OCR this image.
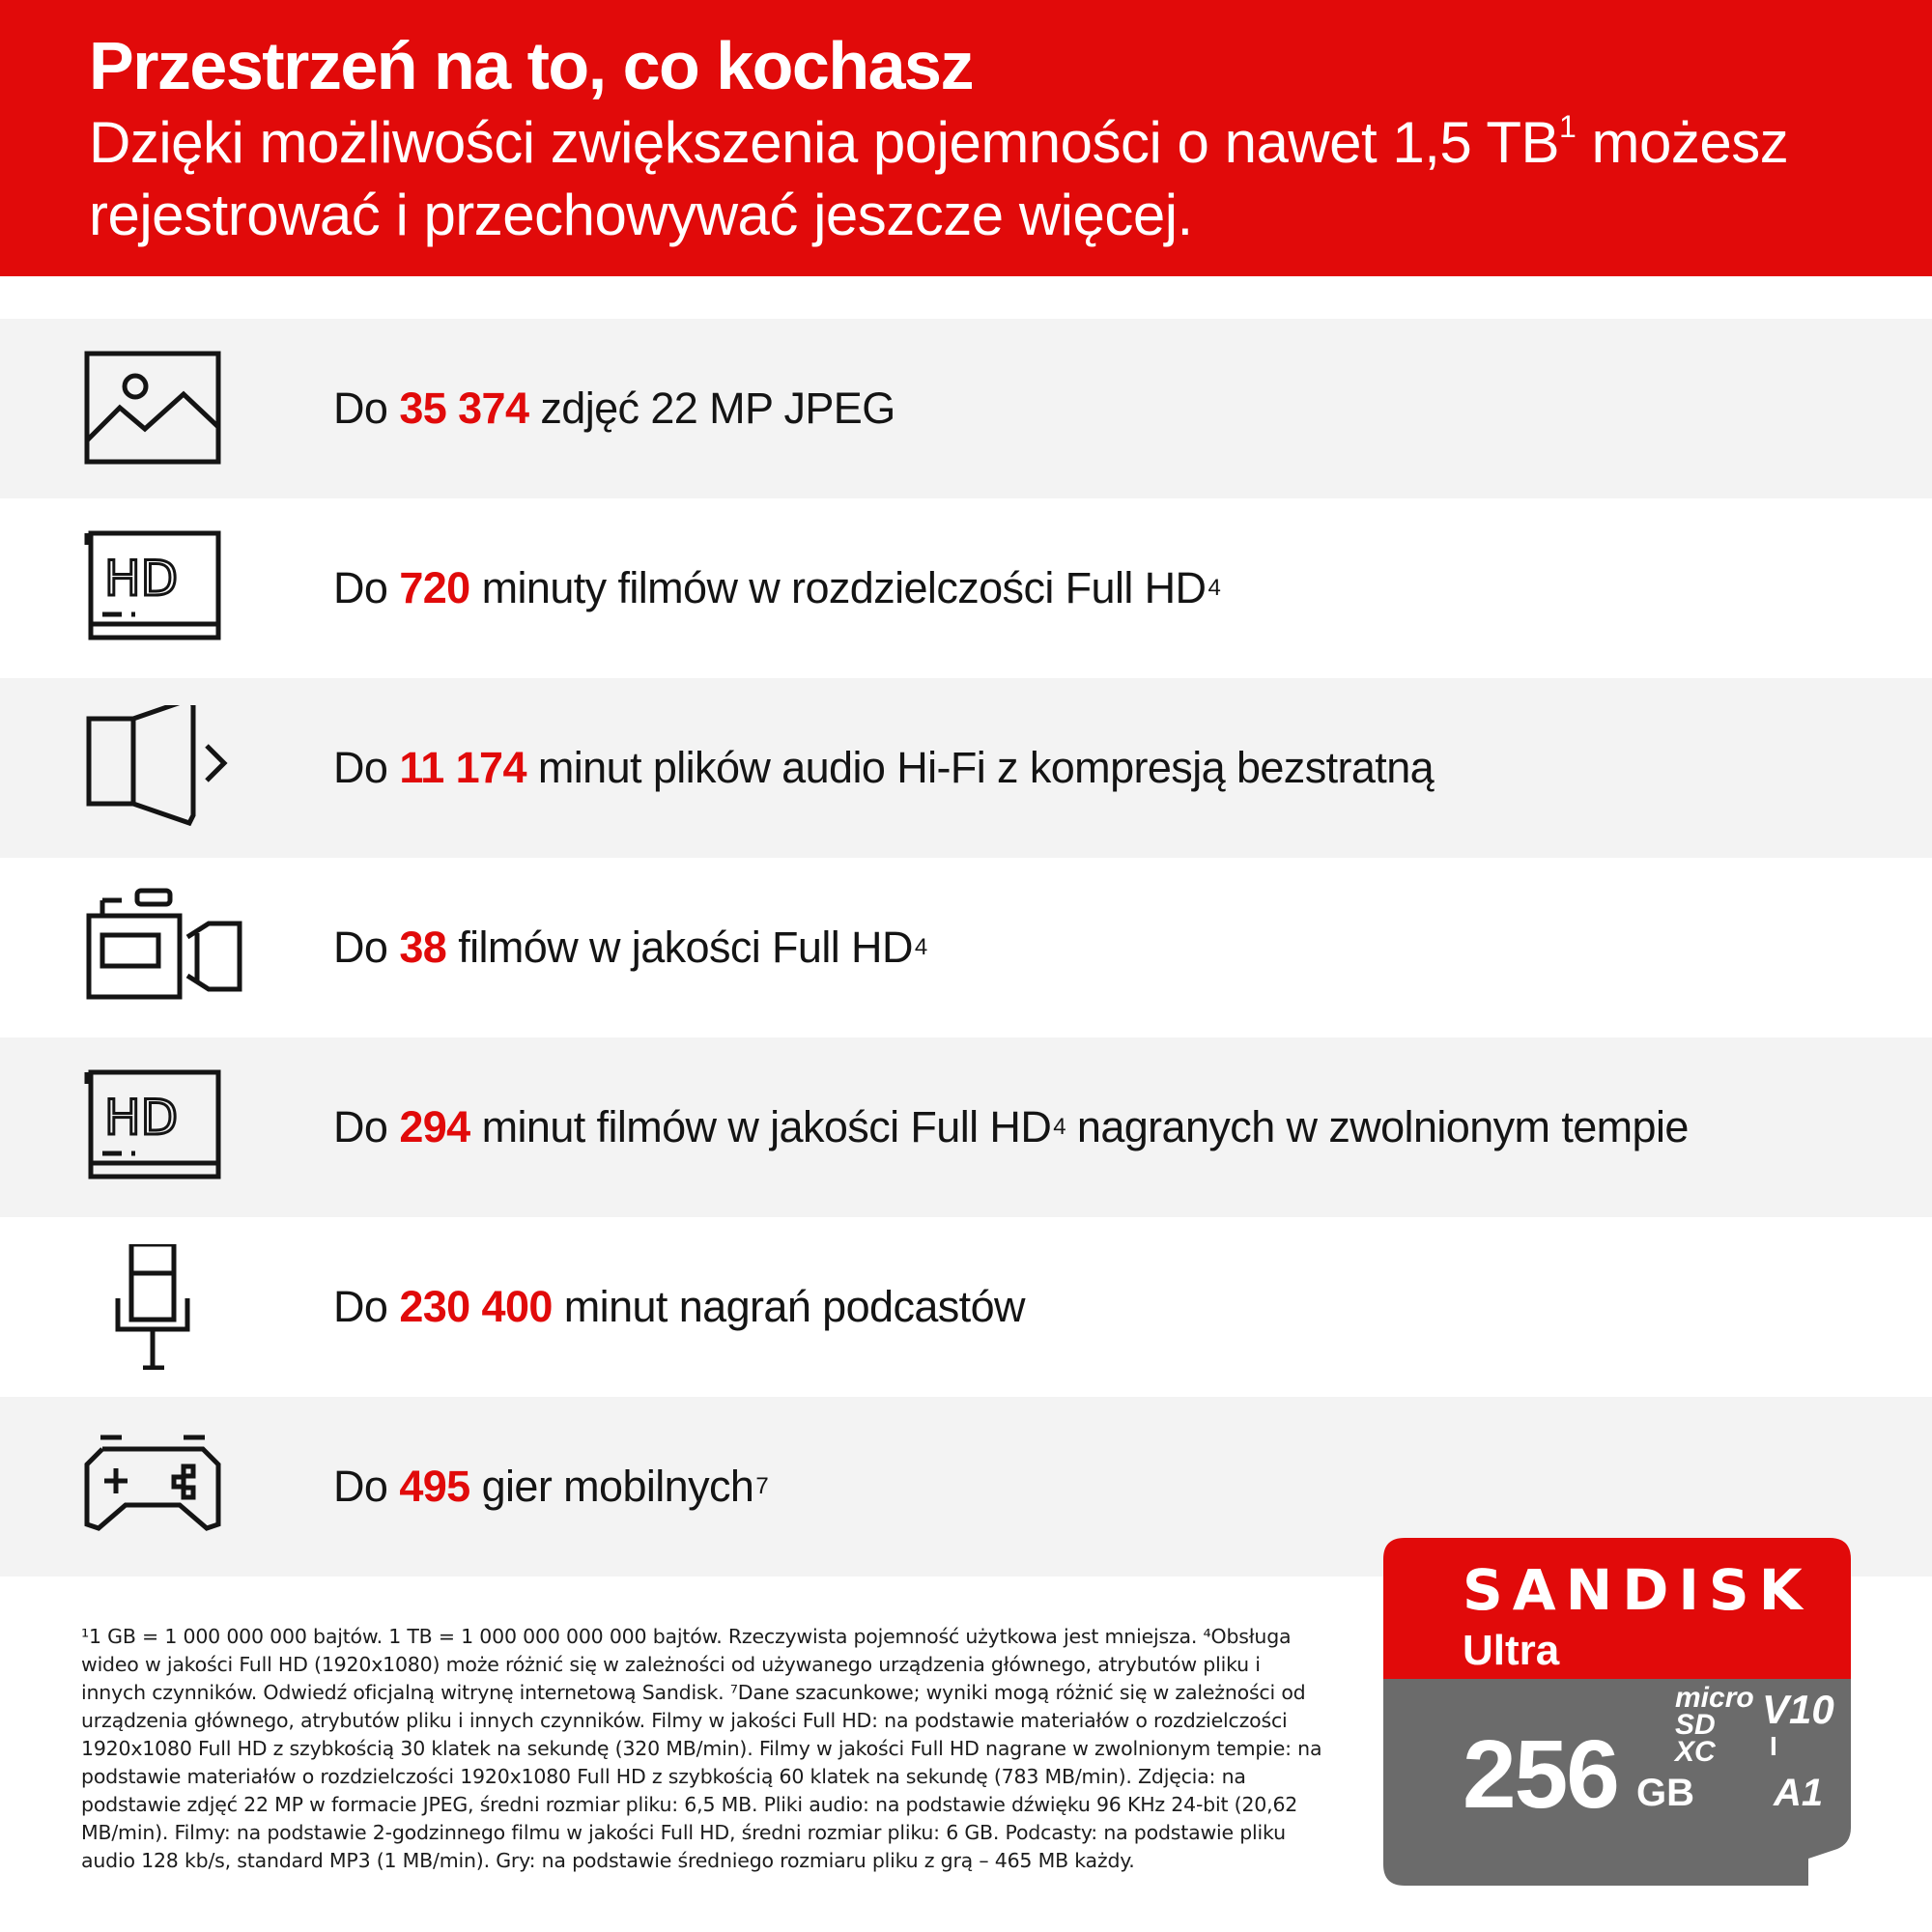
Przestrzeń na to, co kochasz
Dzięki możliwości zwiększenia pojemności o nawet 1,5 $TB^1$ możesz rejestrować i przechowywać jeszcze więcej.
Do 35 374 zdjęć 22 MP JPEG
HD	Do 720 minuty filmów w rozdzielczości Full HD 4
Do 11 174 minut plików audio Hi-Fi z kompresją bezstratną
Do 38 filmów w jakości Full HD 4
HD	Do 294 minut filmów w jakości Full HD 4 nagranych w zwolnionym tempie
Do 230 400 minut nagrań podcastów
Do 495 gier mobilnych 7

¹1 GB = 1 000 000 000 bajtów. 1 TB = 1 000 000 000 000 bajtów. Rzeczywista pojemność użytkowa jest mniejsza. ⁴Obsługa wideo w jakości Full HD (1920x1080) może różnić się w zależności od używanego urządzenia głównego, atrybutów pliku i innych czynników. Odwiedź oficjalną witrynę internetową Sandisk. ⁷Dane szacunkowe; wyniki mogą różnić się w zależności od urządzenia głównego, atrybutów pliku i innych czynników. Filmy w jakości Full HD: na podstawie materiałów o rozdzielczości 1920x1080 Full HD z szybkością 30 klatek na sekundę (320 MB/min). Filmy w jakości Full HD nagrane w zwolnionym tempie: na podstawie materiałów o rozdzielczości 1920x1080 Full HD z szybkością 60 klatek na sekundę (783 MB/min). Zdjęcia: na podstawie zdjęć 22 MP w formacie JPEG, średni rozmiar pliku: 6,5 MB. Pliki audio: na podstawie dźwięku 96 KHz 24-bit (20,62 MB/min). Filmy: na podstawie 2-godzinnego filmu w jakości Full HD, średni rozmiar pliku: 6 GB. Podcasty: na podstawie pliku audio 128 kb/s, standard MP3 (1 MB/min). Gry: na podstawie średniego rozmiaru pliku z grą – 465 MB każdy.

SANDISK
Ultra
256 GB
micro
SD
XC
V10
I
A1
